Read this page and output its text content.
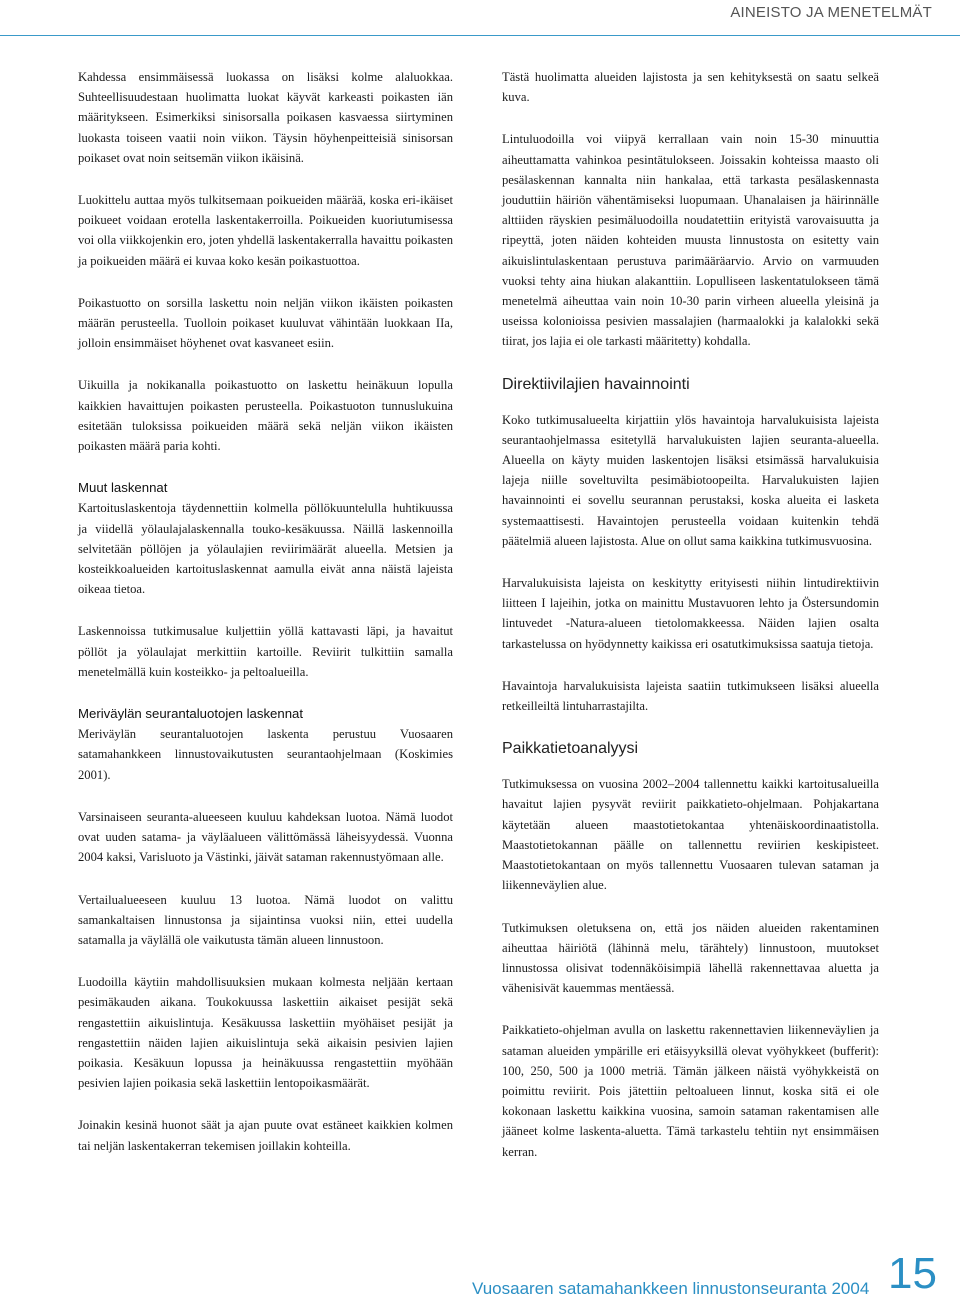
AINEISTO JA MENETELMÄT

Kahdessa ensimmäisessä luokassa on lisäksi kolme alaluokkaa. Suhteellisuudestaan huolimatta luokat käyvät karkeasti poikasten iän määritykseen. Esimerkiksi sinisorsalla poikasen kasvaessa siirtyminen luokasta toiseen vaatii noin viikon. Täysin höyhenpeitteisiä sinisorsan poikaset ovat noin seitsemän viikon ikäisinä.

Luokittelu auttaa myös tulkitsemaan poikueiden määrää, koska eri-ikäiset poikueet voidaan erotella laskentakerroilla. Poikueiden kuoriutumisessa voi olla viikkojenkin ero, joten yhdellä laskentakerralla havaittu poikasten ja poikueiden määrä ei kuvaa koko kesän poikastuottoa.

Poikastuotto on sorsilla laskettu noin neljän viikon ikäisten poikasten määrän perusteella. Tuolloin poikaset kuuluvat vähintään luokkaan IIa, jolloin ensimmäiset höyhenet ovat kasvaneet esiin.

Uikuilla ja nokikanalla poikastuotto on laskettu heinäkuun lopulla kaikkien havaittujen poikasten perusteella. Poikastuoton tunnuslukuina esitetään tuloksissa poikueiden määrä sekä neljän viikon ikäisten poikasten määrä paria kohti.

Muut laskennat

Kartoituslaskentoja täydennettiin kolmella pöllökuuntelulla huhtikuussa ja viidellä yölaulajalaskennalla touko-kesäkuussa. Näillä laskennoilla selvitetään pöllöjen ja yölaulajien reviirimäärät alueella. Metsien ja kosteikkoalueiden kartoituslaskennat aamulla eivät anna näistä lajeista oikeaa tietoa.

Laskennoissa tutkimusalue kuljettiin yöllä kattavasti läpi, ja havaitut pöllöt ja yölaulajat merkittiin kartoille. Reviirit tulkittiin samalla menetelmällä kuin kosteikko- ja peltoalueilla.

Meriväylän seurantaluotojen laskennat

Meriväylän seurantaluotojen laskenta perustuu Vuosaaren satamahankkeen linnustovaikutusten seurantaohjelmaan (Koskimies 2001).

Varsinaiseen seuranta-alueeseen kuuluu kahdeksan luotoa. Nämä luodot ovat uuden satama- ja väyläalueen välittömässä läheisyydessä. Vuonna 2004 kaksi, Varisluoto ja Västinki, jäivät sataman rakennustyömaan alle.

Vertailualueeseen kuuluu 13 luotoa. Nämä luodot on valittu samankaltaisen linnustonsa ja sijaintinsa vuoksi niin, ettei uudella satamalla ja väylällä ole vaikutusta tämän alueen linnustoon.

Luodoilla käytiin mahdollisuuksien mukaan kolmesta neljään kertaan pesimäkauden aikana. Toukokuussa laskettiin aikaiset pesijät sekä rengastettiin aikuislintuja. Kesäkuussa laskettiin myöhäiset pesijät ja rengastettiin näiden lajien aikuislintuja sekä aikaisin pesivien lajien poikasia. Kesäkuun lopussa ja heinäkuussa rengastettiin myöhään pesivien lajien poikasia sekä laskettiin lentopoikasmäärät.

Joinakin kesinä huonot säät ja ajan puute ovat estäneet kaikkien kolmen tai neljän laskentakerran tekemisen joillakin kohteilla.

Tästä huolimatta alueiden lajistosta ja sen kehityksestä on saatu selkeä kuva.

Lintuluodoilla voi viipyä kerrallaan vain noin 15-30 minuuttia aiheuttamatta vahinkoa pesintätulokseen. Joissakin kohteissa maasto oli pesälaskennan kannalta niin hankalaa, että tarkasta pesälaskennasta jouduttiin häiriön vähentämiseksi luopumaan. Uhanalaisen ja häirinnälle alttiiden räyskien pesimäluodoilla noudatettiin erityistä varovaisuutta ja ripeyttä, joten näiden kohteiden muusta linnustosta on esitetty vain aikuislintulaskentaan perustuva parimääräarvio. Arvio on varmuuden vuoksi tehty aina hiukan alakanttiin. Lopulliseen laskentatulokseen tämä menetelmä aiheuttaa vain noin 10-30 parin virheen alueella yleisinä ja useissa kolonioissa pesivien massalajien (harmaalokki ja kalalokki sekä tiirat, jos lajia ei ole tarkasti määritetty) kohdalla.

Direktiivilajien havainnointi

Koko tutkimusalueelta kirjattiin ylös havaintoja harvalukuisista lajeista seurantaohjelmassa esitetyllä harvalukuisten lajien seuranta-alueella. Alueella on käyty muiden laskentojen lisäksi etsimässä harvalukuisia lajeja niille soveltuvilta pesimäbiotoopeilta. Harvalukuisten lajien havainnointi ei sovellu seurannan perustaksi, koska alueita ei lasketa systemaattisesti. Havaintojen perusteella voidaan kuitenkin tehdä päätelmiä alueen lajistosta. Alue on ollut sama kaikkina tutkimusvuosina.

Harvalukuisista lajeista on keskitytty erityisesti niihin lintudirektiivin liitteen I lajeihin, jotka on mainittu Mustavuoren lehto ja Östersundomin lintuvedet -Natura-alueen tietolomakkeessa. Näiden lajien osalta tarkastelussa on hyödynnetty kaikissa eri osatutkimuksissa saatuja tietoja.

Havaintoja harvalukuisista lajeista saatiin tutkimukseen lisäksi alueella retkeilleiltä lintuharrastajilta.

Paikkatietoanalyysi

Tutkimuksessa on vuosina 2002–2004 tallennettu kaikki kartoitusalueilla havaitut lajien pysyvät reviirit paikkatieto-ohjelmaan. Pohjakartana käytetään alueen maastotietokantaa yhtenäiskoordinaatistolla. Maastotietokannan päälle on tallennettu reviirien keskipisteet. Maastotietokantaan on myös tallennettu Vuosaaren tulevan sataman ja liikenneväylien alue.

Tutkimuksen oletuksena on, että jos näiden alueiden rakentaminen aiheuttaa häiriötä (lähinnä melu, tärähtely) linnustoon, muutokset linnustossa olisivat todennäköisimpiä lähellä rakennettavaa aluetta ja vähenisivät kauemmas mentäessä.

Paikkatieto-ohjelman avulla on laskettu rakennettavien liikenneväylien ja sataman alueiden ympärille eri etäisyyksillä olevat vyöhykkeet (bufferit): 100, 250, 500 ja 1000 metriä. Tämän jälkeen näistä vyöhykkeistä on poimittu reviirit. Pois jätettiin peltoalueen linnut, koska sitä ei ole kokonaan laskettu kaikkina vuosina, samoin sataman rakentamisen alle jääneet kolme laskenta-aluetta. Tämä tarkastelu tehtiin nyt ensimmäisen kerran.

Vuosaaren satamahankkeen linnustonseuranta 2004 15
